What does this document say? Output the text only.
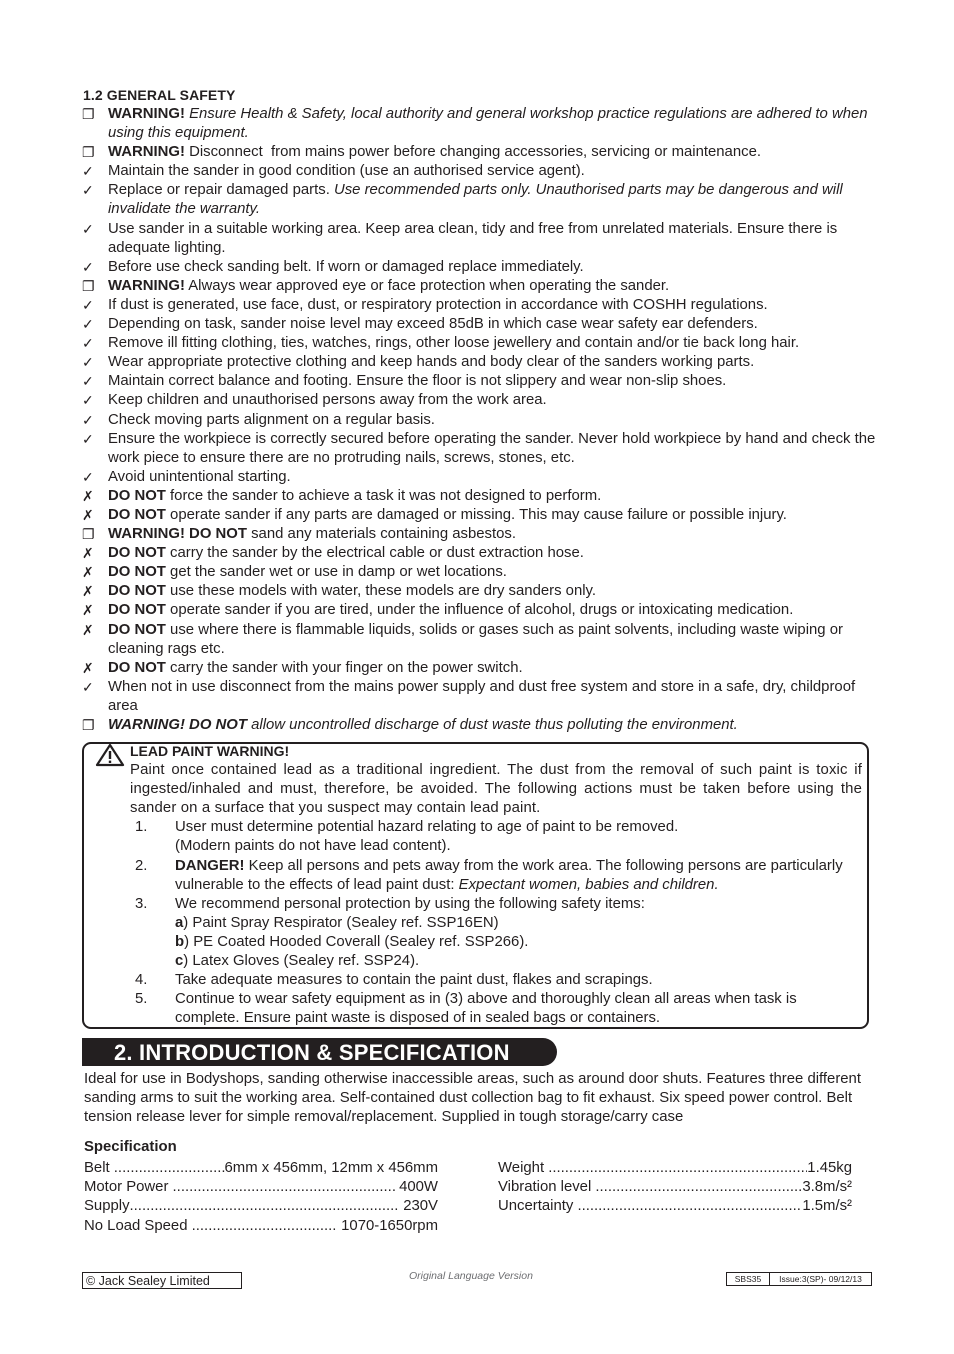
1.2 GENERAL SAFETY
❐ WARNING! Ensure Health & Safety, local authority and general workshop practice regulations are adhered to when using this equipment.
❐ WARNING! Disconnect  from mains power before changing accessories, servicing or maintenance.
✓ Maintain the sander in good condition (use an authorised service agent).
✓ Replace or repair damaged parts. Use recommended parts only. Unauthorised parts may be dangerous and will invalidate the warranty.
✓ Use sander in a suitable working area. Keep area clean, tidy and free from unrelated materials. Ensure there is adequate lighting.
✓ Before use check sanding belt. If worn or damaged replace immediately.
❐ WARNING! Always wear approved eye or face protection when operating the sander.
✓ If dust is generated, use face, dust, or respiratory protection in accordance with COSHH regulations.
✓ Depending on task, sander noise level may exceed 85dB in which case wear safety ear defenders.
✓ Remove ill fitting clothing, ties, watches, rings, other loose jewellery and contain and/or tie back long hair.
✓ Wear appropriate protective clothing and keep hands and body clear of the sanders working parts.
✓ Maintain correct balance and footing. Ensure the floor is not slippery and wear non-slip shoes.
✓ Keep children and unauthorised persons away from the work area.
✓ Check moving parts alignment on a regular basis.
✓ Ensure the workpiece is correctly secured before operating the sander. Never hold workpiece by hand and check the work piece to ensure there are no protruding nails, screws, stones, etc.
✓ Avoid unintentional starting.
✗ DO NOT force the sander to achieve a task it was not designed to perform.
✗ DO NOT operate sander if any parts are damaged or missing. This may cause failure or possible injury.
❐ WARNING! DO NOT sand any materials containing asbestos.
✗ DO NOT carry the sander by the electrical cable or dust extraction hose.
✗ DO NOT get the sander wet or use in damp or wet locations.
✗ DO NOT use these models with water, these models are dry sanders only.
✗ DO NOT operate sander if you are tired, under the influence of alcohol, drugs or intoxicating medication.
✗ DO NOT use where there is flammable liquids, solids or gases such as paint solvents, including waste wiping or cleaning rags etc.
✗ DO NOT carry the sander with your finger on the power switch.
✓ When not in use disconnect from the mains power supply and dust free system and store in a safe, dry, childproof area
❐ WARNING! DO NOT allow uncontrolled discharge of dust waste thus polluting the environment.
LEAD PAINT WARNING!
Paint once contained lead as a traditional ingredient. The dust from the removal of such paint is toxic if ingested/inhaled and must, therefore, be avoided. The following actions must be taken before using the sander on a surface that you suspect may contain lead paint.
1.	User must determine potential hazard relating to age of paint to be removed.
(Modern paints do not have lead content).
2.	DANGER! Keep all persons and pets away from the work area. The following persons are particularly vulnerable to the effects of lead paint dust: Expectant women, babies and children.
3.	We recommend personal protection by using the following safety items:
a) Paint Spray Respirator (Sealey ref. SSP16EN)
b) PE Coated Hooded Coverall (Sealey ref. SSP266).
c) Latex Gloves (Sealey ref. SSP24).
4.	Take adequate measures to contain the paint dust, flakes and scrapings.
5.	Continue to wear safety equipment as in (3) above and thoroughly clean all areas when task is complete. Ensure paint waste is disposed of in sealed bags or containers.
2. INTRODUCTION & SPECIFICATION
Ideal for use in Bodyshops, sanding otherwise inaccessible areas, such as around door shuts. Features three different sanding arms to suit the working area. Self-contained dust collection bag to fit exhaust. Six speed power control. Belt tension release lever for simple removal/replacement. Supplied in tough storage/carry case
Specification
Belt .....	6mm x 456mm, 12mm x 456mm
Motor Power .....	400W
Supply .....	230V
No Load Speed .....	1070-1650rpm
Weight .....	1.45kg
Vibration level .....	3.8m/s²
Uncertainty .....	1.5m/s²
© Jack Sealey Limited	Original Language Version	SBS35	Issue:3(SP)- 09/12/13
